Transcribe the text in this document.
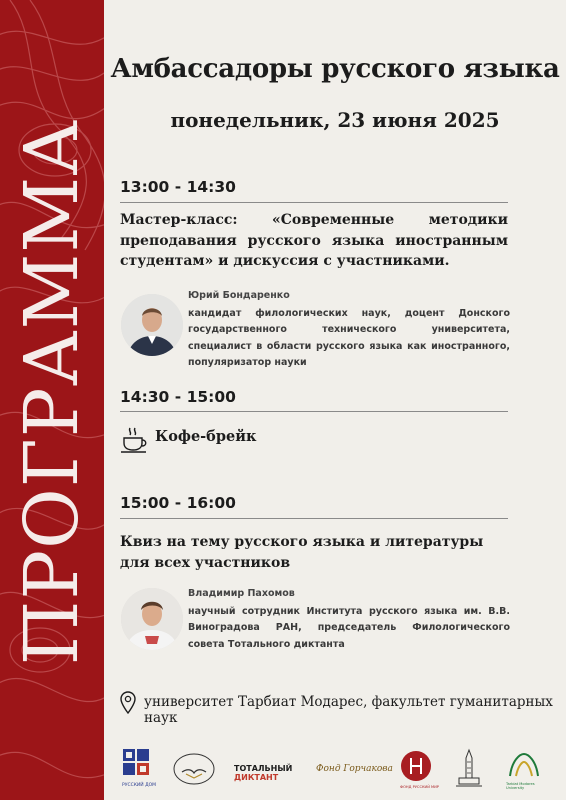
ПРОГРАММА
Амбассадоры русского языка
понедельник, 23 июня 2025
13:00 - 14:30
Мастер-класс: «Современные методики преподавания русского языка иностранным студентам» и дискуссия с участниками.
Юрий Бондаренко
кандидат филологических наук, доцент Донского государственного технического университета, специалист в области русского языка как иностранного, популяризатор науки
14:30 - 15:00
Кофе-брейк
15:00 - 16:00
Квиз на тему русского языка и литературы для всех участников
Владимир Пахомов
научный сотрудник Института русского языка им. В.В. Виноградова РАН, председатель Филологического совета Тотального диктанта
университет Тарбиат Модарес, факультет гуманитарных наук
РУССКИЙ ДОМ
ТОТАЛЬНЫЙ
ДИКТАНТ
Фонд Горчакова
ФОНД РУССКИЙ МИР
Tarbiat Modares University
